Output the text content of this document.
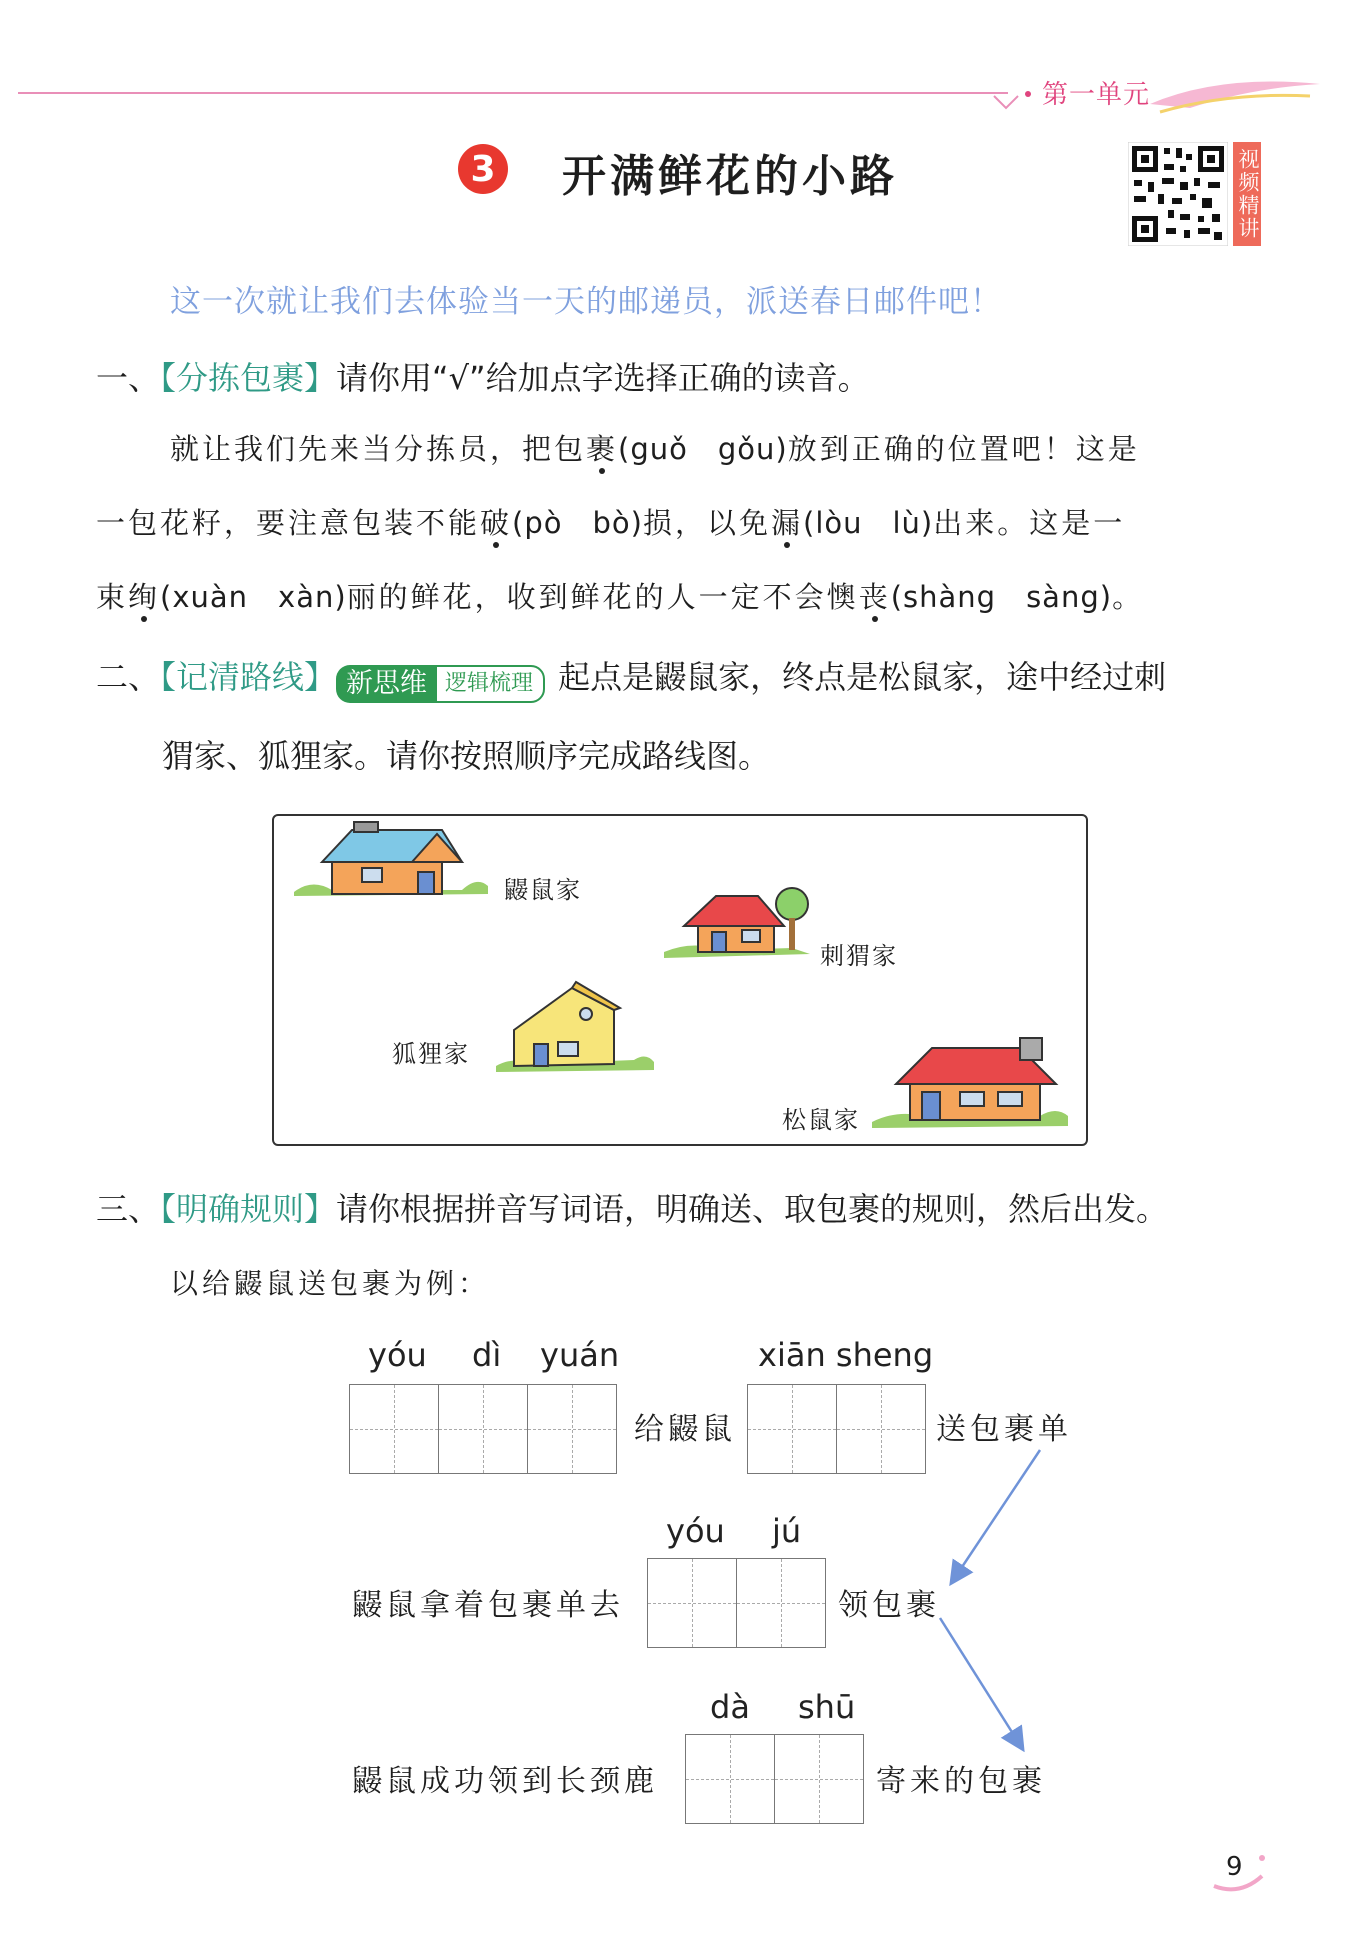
第一单元
3 开满鲜花的小路	视频精讲
这一次就让我们去体验当一天的邮递员，派送春日邮件吧！
一、【分拣包裹】请你用“√”给加点字选择正确的读音。
就让我们先来当分拣员，把包裹(guǒ　gǒu)放到正确的位置吧！这是
一包花籽，要注意包装不能破(pò　bò)损，以免漏(lòu　lù)出来。这是一
束绚(xuàn　xàn)丽的鲜花，收到鲜花的人一定不会懊丧(shàng　sàng)。
二、【记清路线】 新思维 逻辑梳理 起点是鼹鼠家，终点是松鼠家，途中经过刺
猬家、狐狸家。请你按照顺序完成路线图。
鼹鼠家
刺猬家
狐狸家
松鼠家
三、【明确规则】请你根据拼音写词语，明确送、取包裹的规则，然后出发。
以给鼹鼠送包裹为例：
yóu dì yuán
给鼹鼠
xiān sheng
送包裹单
yóu jú
鼹鼠拿着包裹单去	领包裹
dà shū
鼹鼠成功领到长颈鹿	寄来的包裹
9
